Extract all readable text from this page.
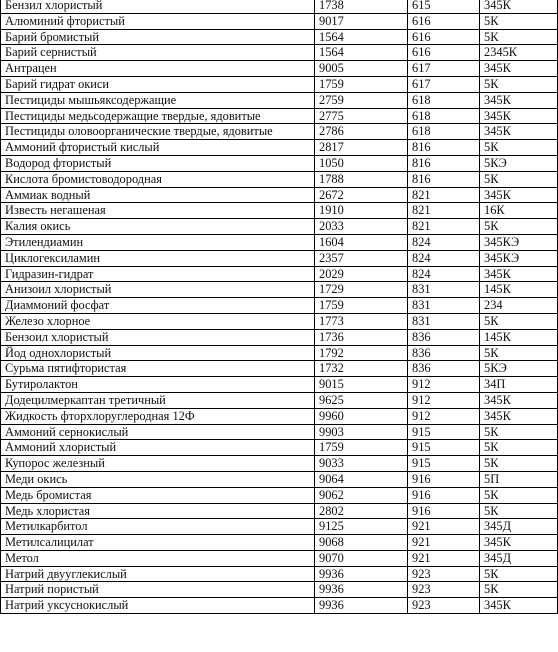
Бензил хлористый	1738	615	345К
Алюминий фтористый	9017	616	5К
Барий бромистый	1564	616	5К
Барий сернистый	1564	616	2345К
Антрацен	9005	617	345К
Барий гидрат окиси	1759	617	5К
Пестициды мышьяксодержащие	2759	618	345К
Пестициды медьсодержащие твердые, ядовитые	2775	618	345К
Пестициды оловоорганические твердые, ядовитые	2786	618	345К
Аммоний фтористый кислый	2817	816	5К
Водород фтористый	1050	816	5КЭ
Кислота бромистоводородная	1788	816	5К
Аммиак водный	2672	821	345К
Известь негашеная	1910	821	16К
Калия окись	2033	821	5К
Этилендиамин	1604	824	345КЭ
Циклогексиламин	2357	824	345КЭ
Гидразин-гидрат	2029	824	345К
Анизоил хлористый	1729	831	145К
Диаммоний фосфат	1759	831	234
Железо хлорное	1773	831	5К
Бензоил хлористый	1736	836	145К
Йод однохлористый	1792	836	5К
Сурьма пятифтористая	1732	836	5КЭ
Бутиролактон	9015	912	34П
Додецилмеркаптан третичный	9625	912	345К
Жидкость фторхлоруглеродная 12Ф	9960	912	345К
Аммоний сернокислый	9903	915	5К
Аммоний хлористый	1759	915	5К
Купорос железный	9033	915	5К
Меди окись	9064	916	5П
Медь бромистая	9062	916	5К
Медь хлористая	2802	916	5К
Метилкарбитол	9125	921	345Д
Метилсалицилат	9068	921	345К
Метол	9070	921	345Д
Натрий двууглекислый	9936	923	5К
Натрий пористый	9936	923	5К
Натрий уксуснокислый	9936	923	345К
